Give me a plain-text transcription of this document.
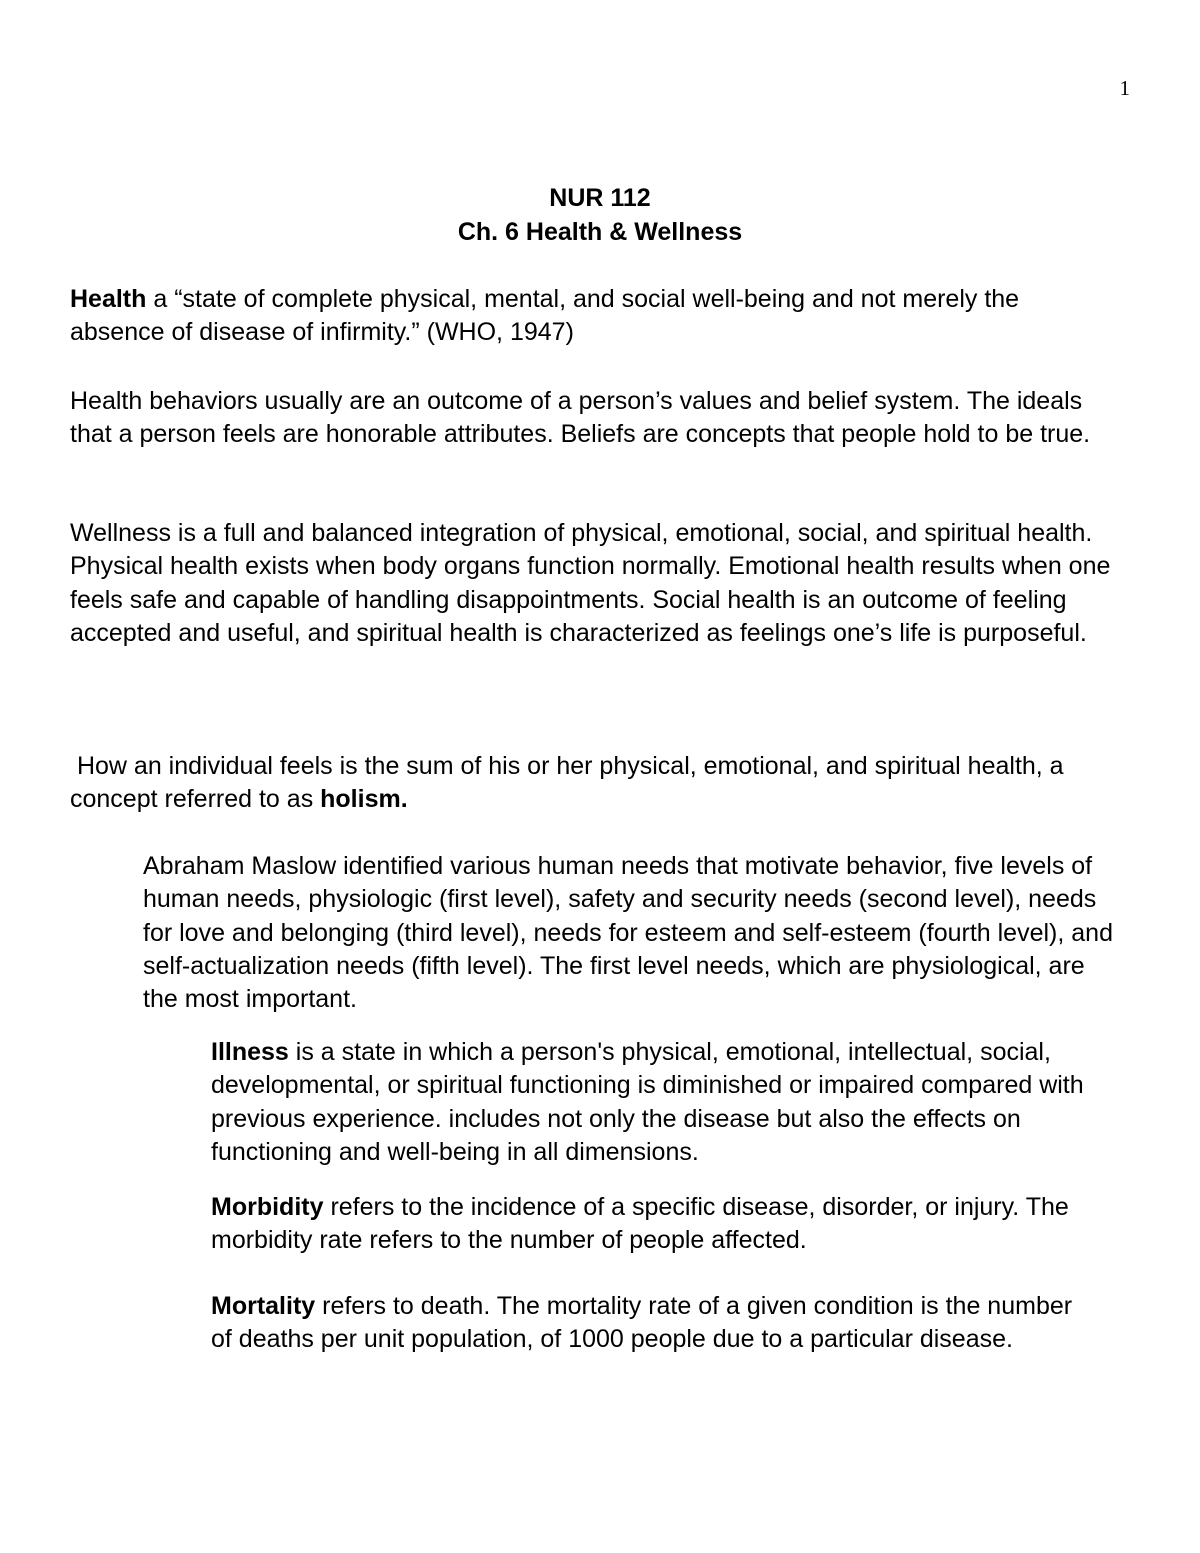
1
NUR 112
Ch. 6 Health & Wellness

Health a “state of complete physical, mental, and social well-being and not merely the absence of disease of infirmity.” (WHO, 1947)

Health behaviors usually are an outcome of a person’s values and belief system. The ideals that a person feels are honorable attributes. Beliefs are concepts that people hold to be true.

Wellness is a full and balanced integration of physical, emotional, social, and spiritual health. Physical health exists when body organs function normally. Emotional health results when one feels safe and capable of handling disappointments. Social health is an outcome of feeling accepted and useful, and spiritual health is characterized as feelings one’s life is purposeful.

How an individual feels is the sum of his or her physical, emotional, and spiritual health, a concept referred to as holism.

Abraham Maslow identified various human needs that motivate behavior, five levels of human needs, physiologic (first level), safety and security needs (second level), needs for love and belonging (third level), needs for esteem and self-esteem (fourth level), and self-actualization needs (fifth level). The first level needs, which are physiological, are the most important.

Illness is a state in which a person's physical, emotional, intellectual, social,developmental, or spiritual functioning is diminished or impaired compared with previous experience. includes not only the disease but also the effects on functioning and well-being in all dimensions.

Morbidity refers to the incidence of a specific disease, disorder, or injury. The morbidity rate refers to the number of people affected.

Mortality refers to death. The mortality rate of a given condition is the number of deaths per unit population, of 1000 people due to a particular disease.
